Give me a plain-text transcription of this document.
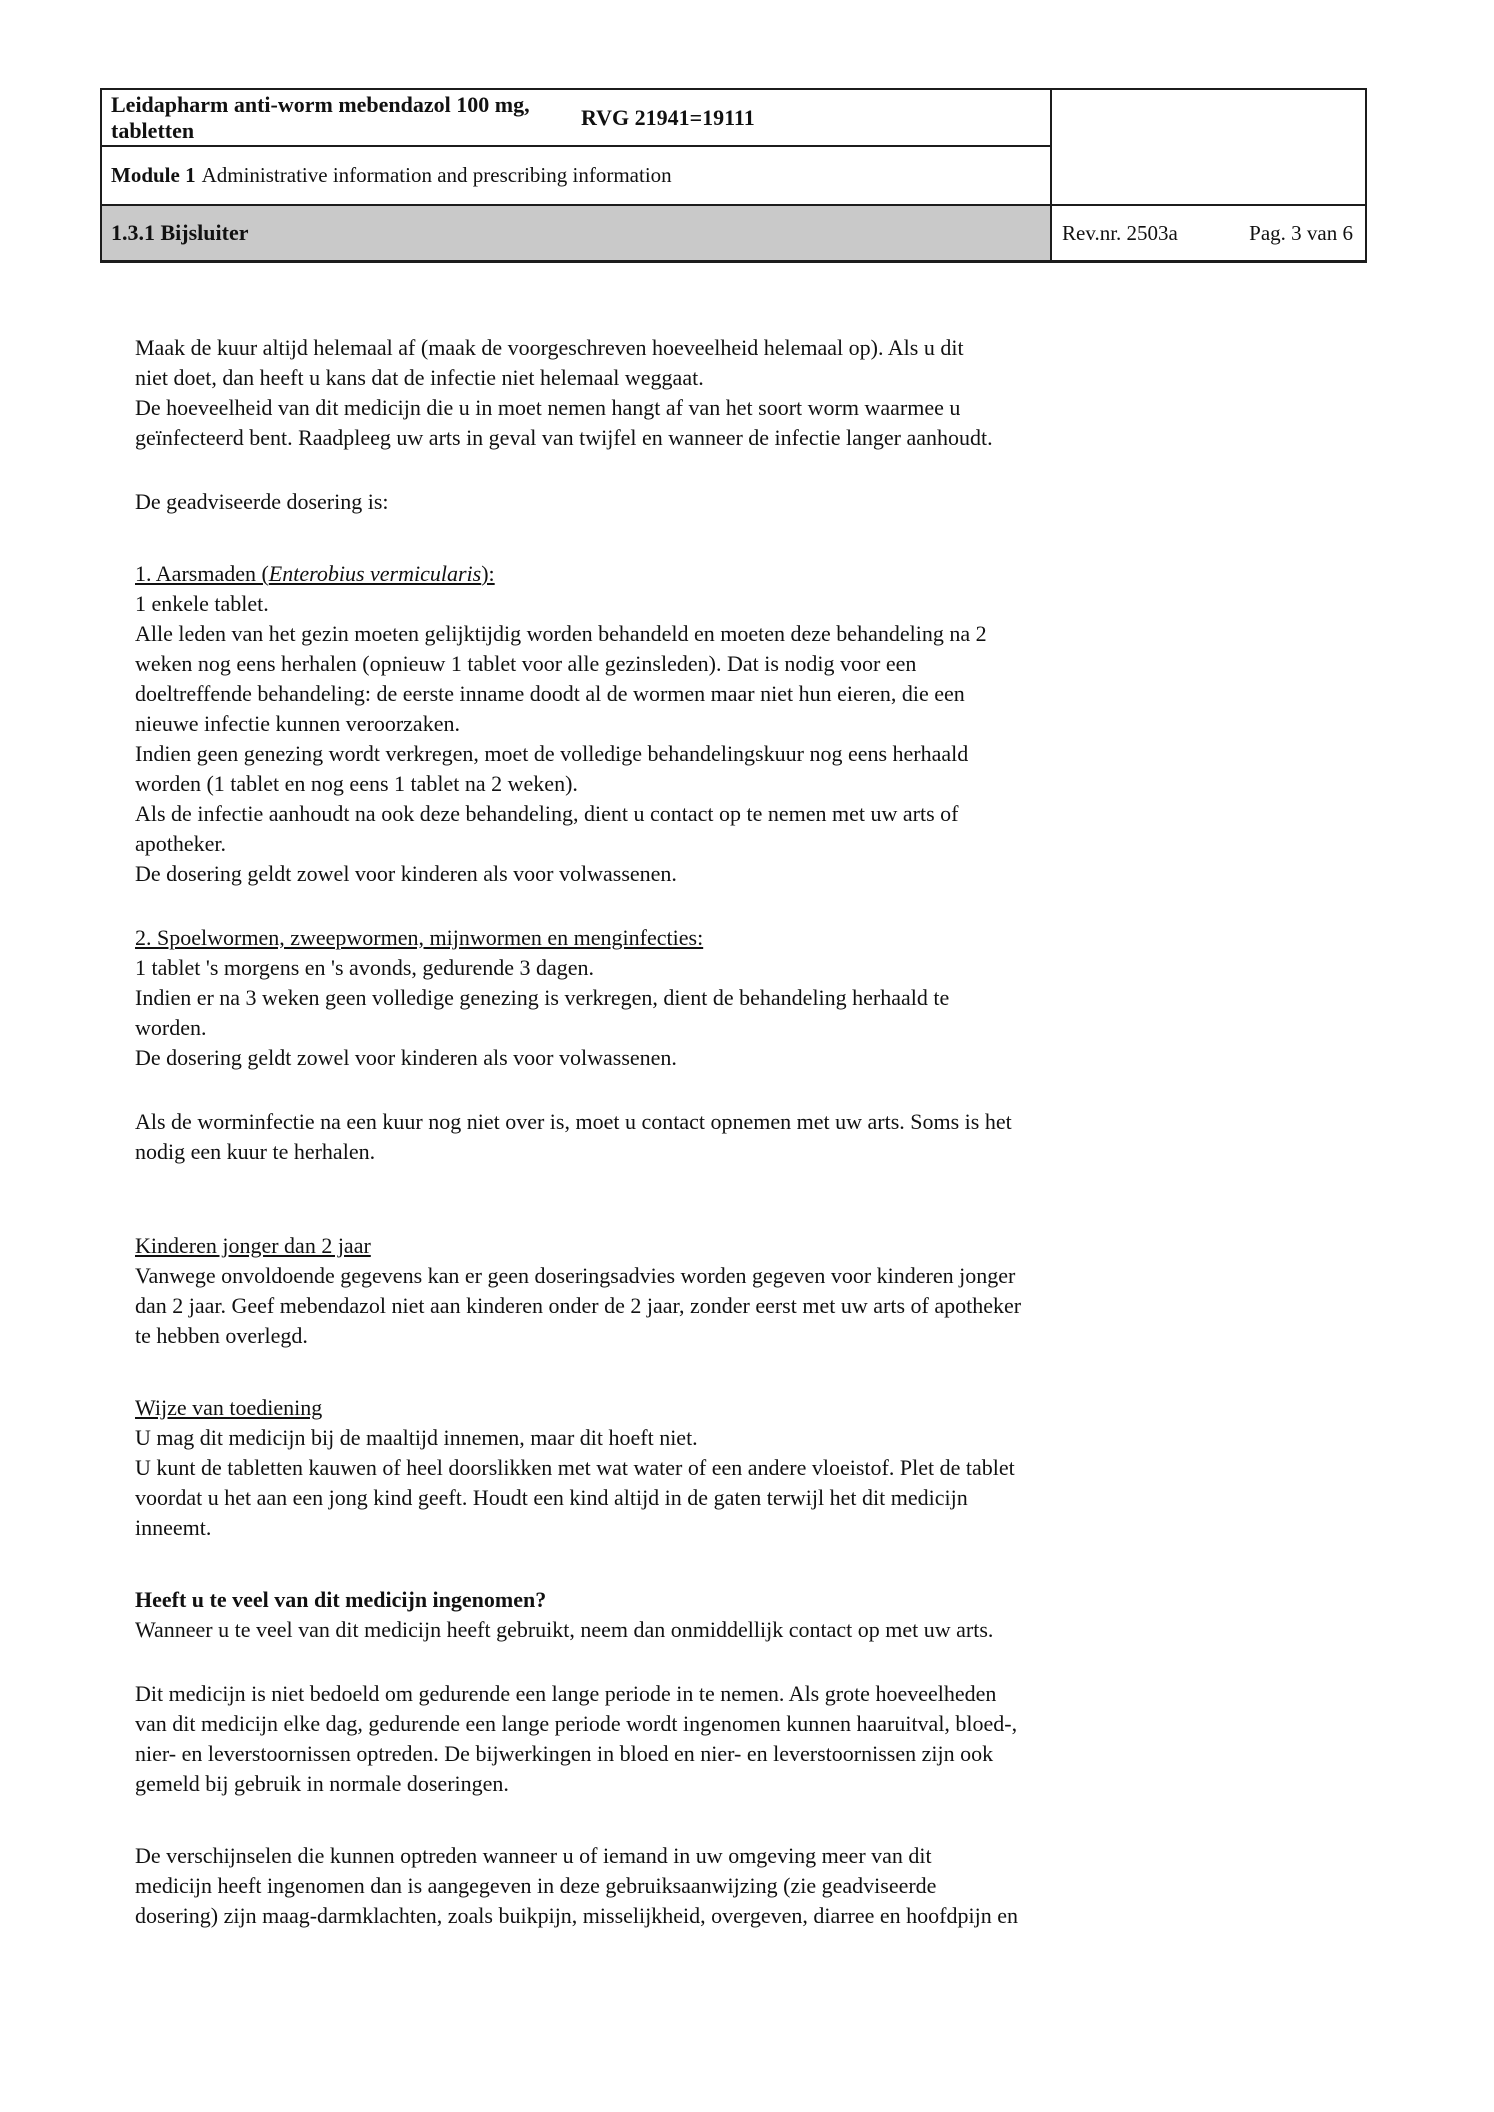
Leidapharm anti-worm mebendazol 100 mg, tabletten
RVG 21941=19111
Module 1 Administrative information and prescribing information
1.3.1 Bijsluiter	Rev.nr. 2503a	Pag. 3 van 6
Maak de kuur altijd helemaal af (maak de voorgeschreven hoeveelheid helemaal op). Als u dit
niet doet, dan heeft u kans dat de infectie niet helemaal weggaat.
De hoeveelheid van dit medicijn die u in moet nemen hangt af van het soort worm waarmee u
geïnfecteerd bent. Raadpleeg uw arts in geval van twijfel en wanneer de infectie langer aanhoudt.
De geadviseerde dosering is:
1. Aarsmaden (Enterobius vermicularis):
1 enkele tablet.
Alle leden van het gezin moeten gelijktijdig worden behandeld en moeten deze behandeling na 2
weken nog eens herhalen (opnieuw 1 tablet voor alle gezinsleden). Dat is nodig voor een
doeltreffende behandeling: de eerste inname doodt al de wormen maar niet hun eieren, die een
nieuwe infectie kunnen veroorzaken.
Indien geen genezing wordt verkregen, moet de volledige behandelingskuur nog eens herhaald
worden (1 tablet en nog eens 1 tablet na 2 weken).
Als de infectie aanhoudt na ook deze behandeling, dient u contact op te nemen met uw arts of
apotheker.
De dosering geldt zowel voor kinderen als voor volwassenen.
2. Spoelwormen, zweepwormen, mijnwormen en menginfecties:
1 tablet 's morgens en 's avonds, gedurende 3 dagen.
Indien er na 3 weken geen volledige genezing is verkregen, dient de behandeling herhaald te
worden.
De dosering geldt zowel voor kinderen als voor volwassenen.
Als de worminfectie na een kuur nog niet over is, moet u contact opnemen met uw arts. Soms is het
nodig een kuur te herhalen.
Kinderen jonger dan 2 jaar
Vanwege onvoldoende gegevens kan er geen doseringsadvies worden gegeven voor kinderen jonger
dan 2 jaar. Geef mebendazol niet aan kinderen onder de 2 jaar, zonder eerst met uw arts of apotheker
te hebben overlegd.
Wijze van toediening
U mag dit medicijn bij de maaltijd innemen, maar dit hoeft niet.
U kunt de tabletten kauwen of heel doorslikken met wat water of een andere vloeistof. Plet de tablet
voordat u het aan een jong kind geeft. Houdt een kind altijd in de gaten terwijl het dit medicijn
inneemt.
Heeft u te veel van dit medicijn ingenomen?
Wanneer u te veel van dit medicijn heeft gebruikt, neem dan onmiddellijk contact op met uw arts.
Dit medicijn is niet bedoeld om gedurende een lange periode in te nemen. Als grote hoeveelheden
van dit medicijn elke dag, gedurende een lange periode wordt ingenomen kunnen haaruitval, bloed-,
nier- en leverstoornissen optreden. De bijwerkingen in bloed en nier- en leverstoornissen zijn ook
gemeld bij gebruik in normale doseringen.
De verschijnselen die kunnen optreden wanneer u of iemand in uw omgeving meer van dit
medicijn heeft ingenomen dan is aangegeven in deze gebruiksaanwijzing (zie geadviseerde
dosering) zijn maag-darmklachten, zoals buikpijn, misselijkheid, overgeven, diarree en hoofdpijn en
